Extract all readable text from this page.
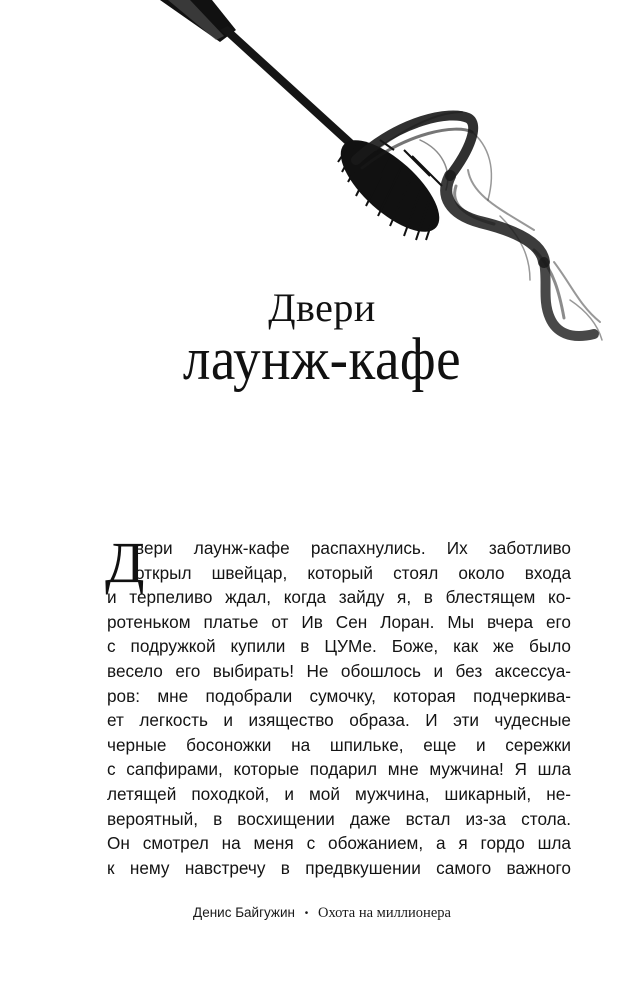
Двери
лаунж-кафе
Д
вери лаунж-кафе распахнулись. Их заботливо
открыл швейцар, который стоял около входа
и терпеливо ждал, когда зайду я, в блестящем ко-
ротеньком платье от Ив Сен Лоран. Мы вчера его
с подружкой купили в ЦУМе. Боже, как же было
весело его выбирать! Не обошлось и без аксессуа-
ров: мне подобрали сумочку, которая подчеркива-
ет легкость и изящество образа. И эти чудесные
черные босоножки на шпильке, еще и сережки
с сапфирами, которые подарил мне мужчина! Я шла
летящей походкой, и мой мужчина, шикарный, не-
вероятный, в восхищении даже встал из-за стола.
Он смотрел на меня с обожанием, а я гордо шла
к нему навстречу в предвкушении самого важного
Денис Байгужин • Охота на миллионера
